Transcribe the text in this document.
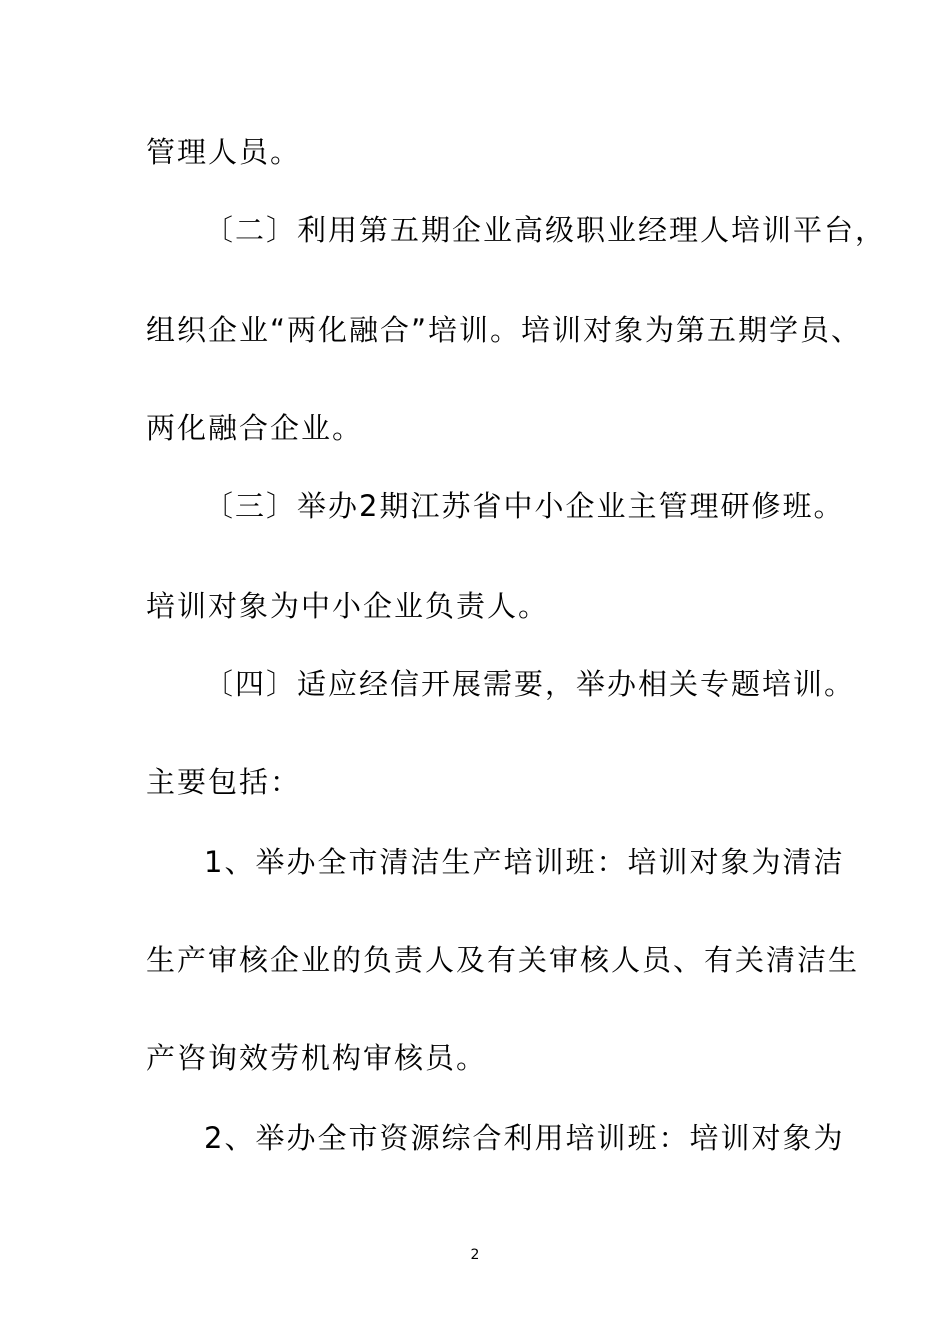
管理人员。

〔二〕利用第五期企业高级职业经理人培训平台，

组织企业“两化融合”培训。培训对象为第五期学员、

两化融合企业。

〔三〕举办2期江苏省中小企业主管理研修班。

培训对象为中小企业负责人。

〔四〕适应经信开展需要，举办相关专题培训。

主要包括：

1、举办全市清洁生产培训班：培训对象为清洁

生产审核企业的负责人及有关审核人员、有关清洁生

产咨询效劳机构审核员。

2、举办全市资源综合利用培训班：培训对象为

2
